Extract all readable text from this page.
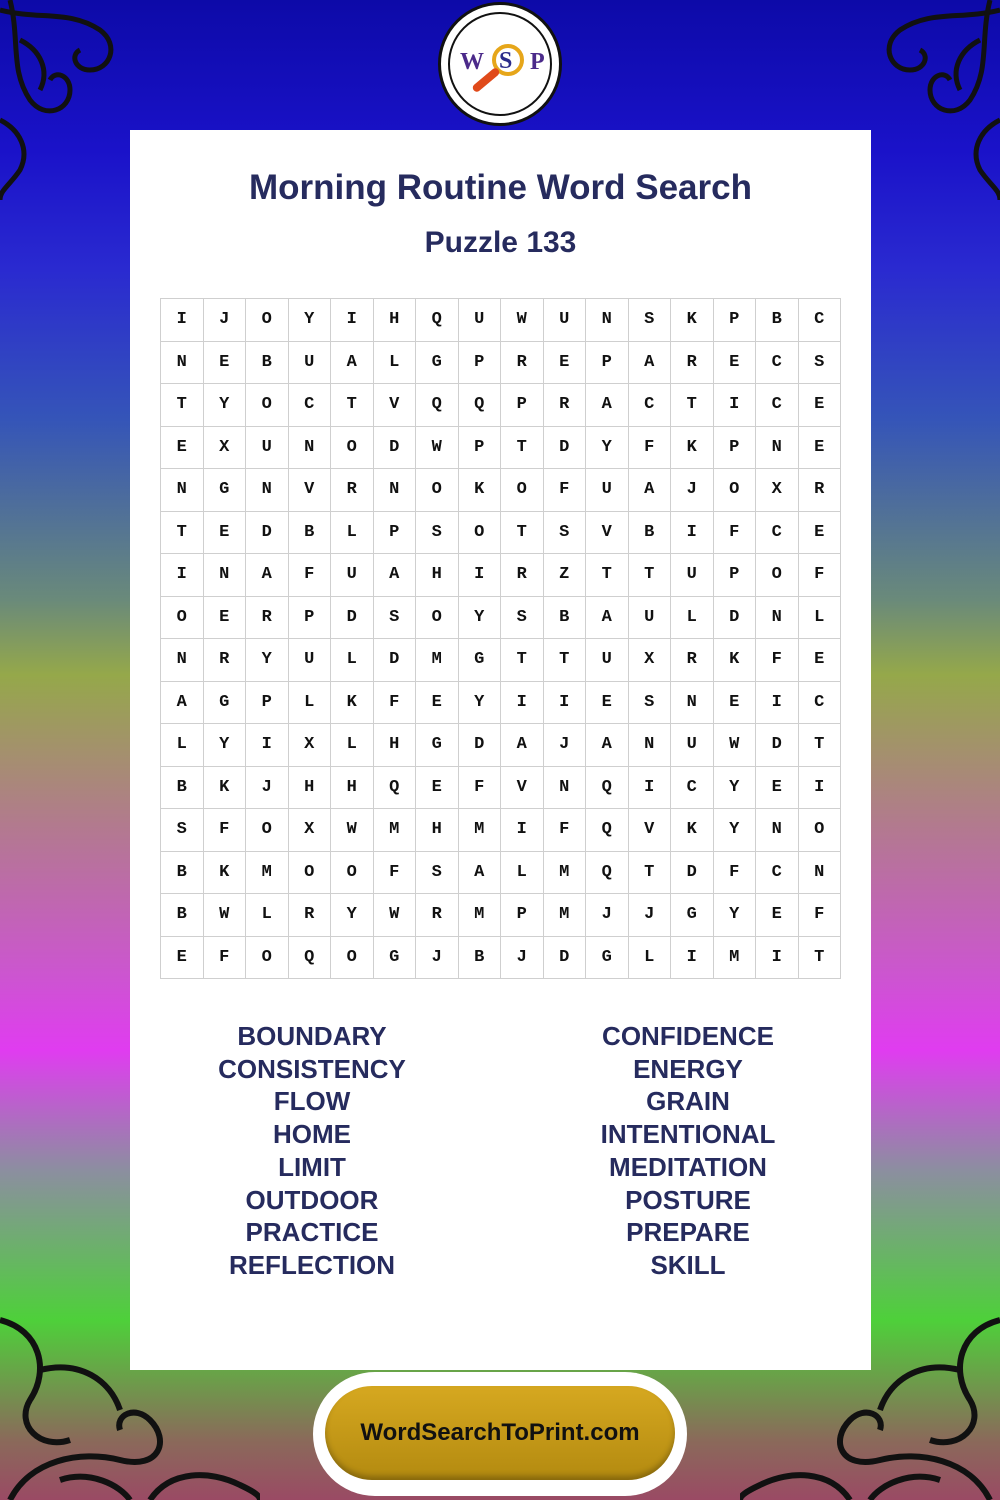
W S P
Morning Routine Word Search
Puzzle 133
I	J	O	Y	I	H	Q	U	W	U	N	S	K	P	B	C
N	E	B	U	A	L	G	P	R	E	P	A	R	E	C	S
T	Y	O	C	T	V	Q	Q	P	R	A	C	T	I	C	E
E	X	U	N	O	D	W	P	T	D	Y	F	K	P	N	E
N	G	N	V	R	N	O	K	O	F	U	A	J	O	X	R
T	E	D	B	L	P	S	O	T	S	V	B	I	F	C	E
I	N	A	F	U	A	H	I	R	Z	T	T	U	P	O	F
O	E	R	P	D	S	O	Y	S	B	A	U	L	D	N	L
N	R	Y	U	L	D	M	G	T	T	U	X	R	K	F	E
A	G	P	L	K	F	E	Y	I	I	E	S	N	E	I	C
L	Y	I	X	L	H	G	D	A	J	A	N	U	W	D	T
B	K	J	H	H	Q	E	F	V	N	Q	I	C	Y	E	I
S	F	O	X	W	M	H	M	I	F	Q	V	K	Y	N	O
B	K	M	O	O	F	S	A	L	M	Q	T	D	F	C	N
B	W	L	R	Y	W	R	M	P	M	J	J	G	Y	E	F
E	F	O	Q	O	G	J	B	J	D	G	L	I	M	I	T
BOUNDARY
CONSISTENCY
FLOW
HOME
LIMIT
OUTDOOR
PRACTICE
REFLECTION
CONFIDENCE
ENERGY
GRAIN
INTENTIONAL
MEDITATION
POSTURE
PREPARE
SKILL
WordSearchToPrint.com
